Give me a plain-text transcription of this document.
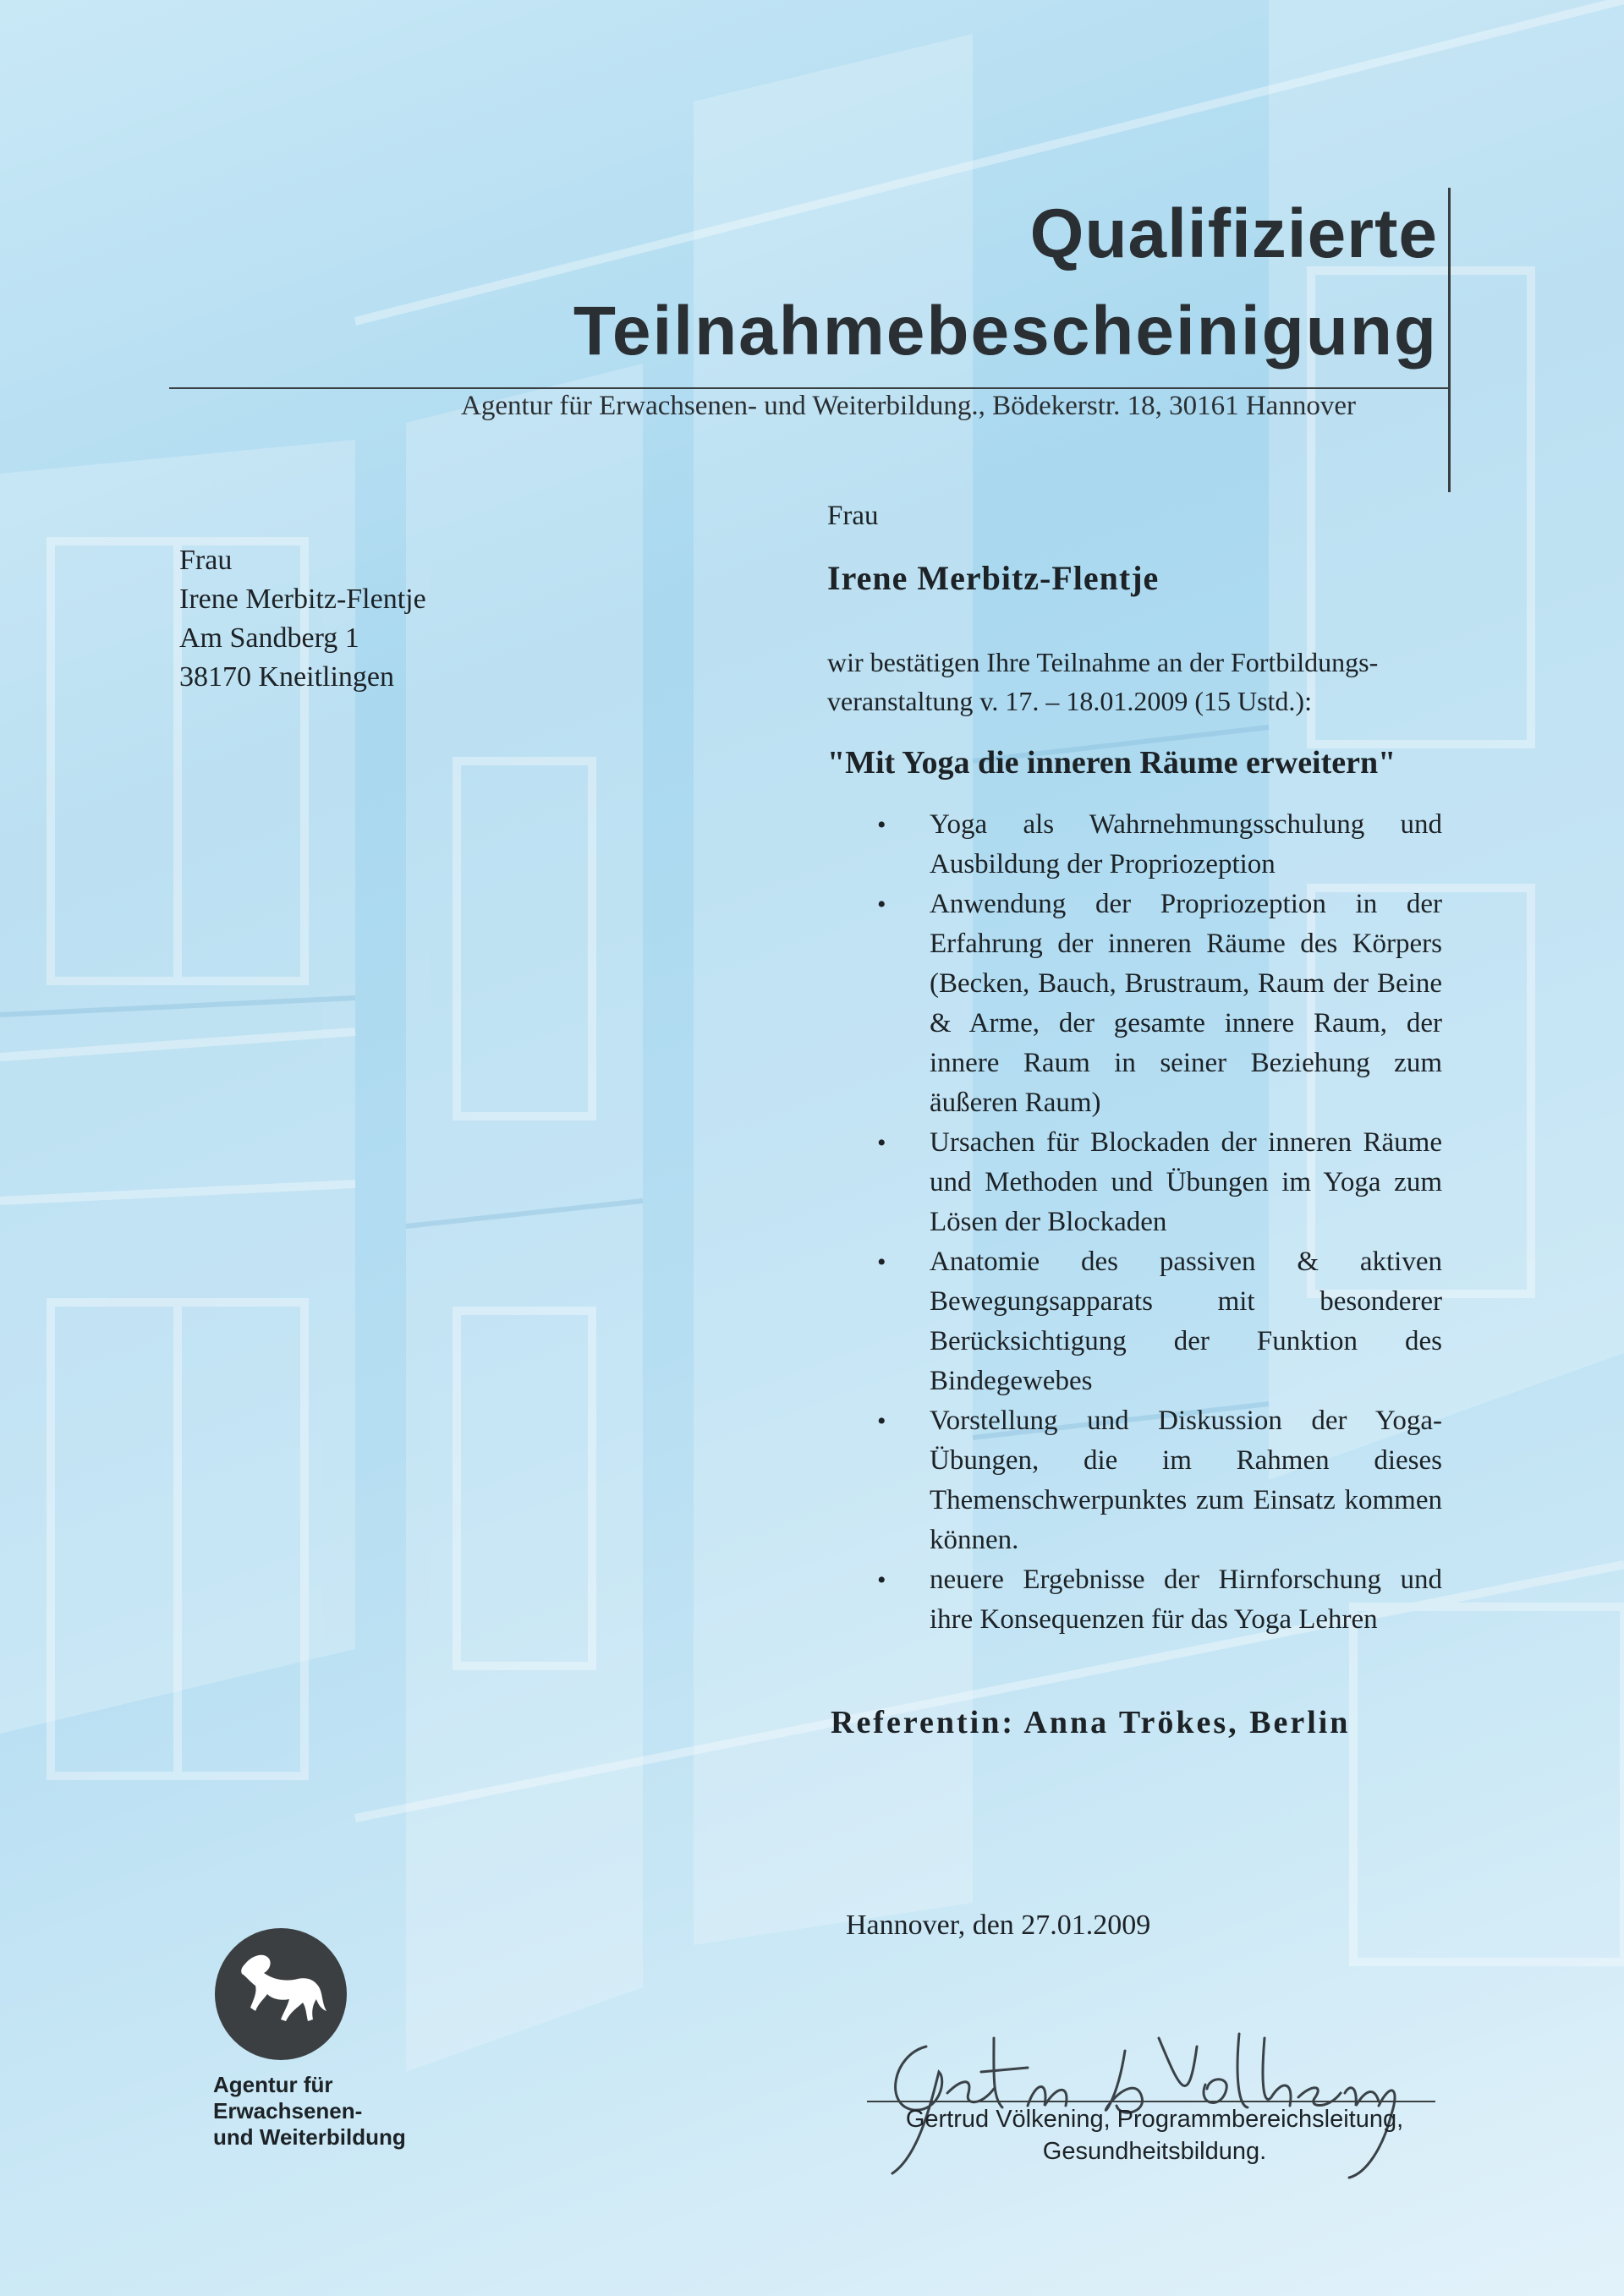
Qualifizierte
Teilnahmebescheinigung
Agentur für Erwachsenen- und Weiterbildung., Bödekerstr. 18, 30161 Hannover
Frau
Irene Merbitz-Flentje
Am Sandberg 1
38170 Kneitlingen
Frau
Irene Merbitz-Flentje
wir bestätigen Ihre Teilnahme an der Fortbildungs-
veranstaltung v. 17. – 18.01.2009 (15 Ustd.):
"Mit Yoga die inneren Räume erweitern"
• Yoga als Wahrnehmungsschulung und Ausbildung der Propriozeption
• Anwendung der Propriozeption in der Erfahrung der inneren Räume des Körpers (Becken, Bauch, Brustraum, Raum der Beine & Arme, der gesamte innere Raum, der innere Raum in seiner Beziehung zum äußeren Raum)
• Ursachen für Blockaden der inneren Räume und Methoden und Übungen im Yoga zum Lösen der Blockaden
• Anatomie des passiven & aktiven Bewegungsapparats mit besonderer Berücksichtigung der Funktion des Bindegewebes
• Vorstellung und Diskussion der Yoga-Übungen, die im Rahmen dieses Themenschwerpunktes zum Einsatz kommen können.
• neuere Ergebnisse der Hirnforschung und ihre Konsequenzen für das Yoga Lehren
Referentin: Anna Trökes, Berlin
Hannover, den 27.01.2009
Gertrud Völkening, Programmbereichsleitung,
Gesundheitsbildung.
Agentur für
Erwachsenen-
und Weiterbildung
